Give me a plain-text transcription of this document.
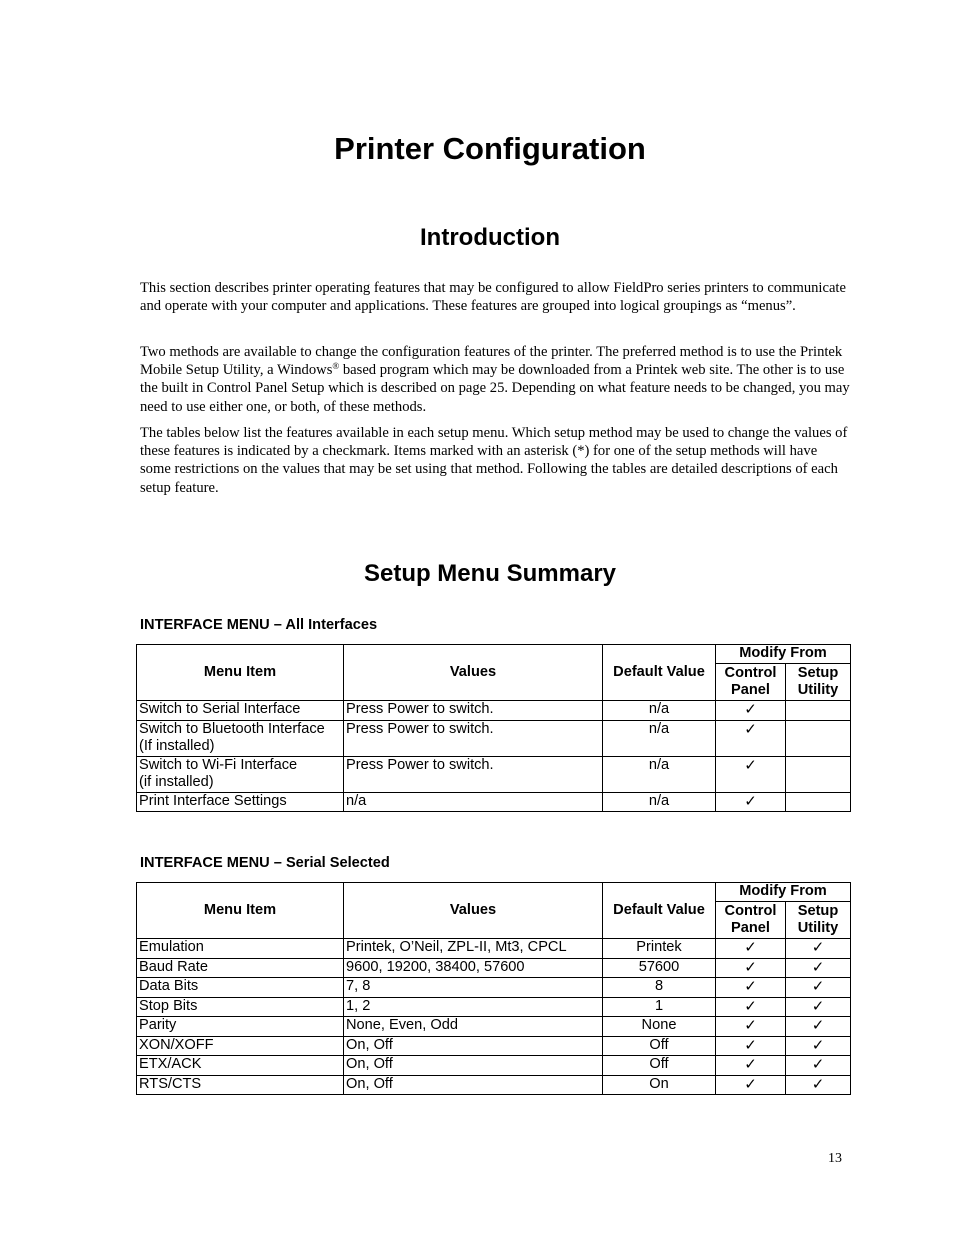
Printer Configuration
Introduction

This section describes printer operating features that may be configured to allow FieldPro series printers to communicate and operate with your computer and applications. These features are grouped into logical groupings as “menus”.

Two methods are available to change the configuration features of the printer. The preferred method is to use the Printek Mobile Setup Utility, a Windows® based program which may be downloaded from a Printek web site. The other is to use the built in Control Panel Setup which is described on page 25. Depending on what feature needs to be changed, you may need to use either one, or both, of these methods.

The tables below list the features available in each setup menu. Which setup method may be used to change the values of these features is indicated by a checkmark. Items marked with an asterisk (*) for one of the setup methods will have some restrictions on the values that may be set using that method. Following the tables are detailed descriptions of each setup feature.

Setup Menu Summary
INTERFACE MENU – All Interfaces
Menu Item	Values	Default Value	Modify From	
			Control Panel	Setup Utility
Switch to Serial Interface	Press Power to switch.	n/a	✓	
Switch to Bluetooth Interface
(If installed)	Press Power to switch.	n/a	✓	
Switch to Wi-Fi Interface
(if installed)	Press Power to switch.	n/a	✓	
Print Interface Settings	n/a	n/a	✓	
INTERFACE MENU – Serial Selected
Menu Item	Values	Default Value	Modify From	
			Control Panel	Setup Utility
Emulation	Printek, O’Neil, ZPL-II, Mt3, CPCL	Printek	✓	✓
Baud Rate	9600, 19200, 38400, 57600	57600	✓	✓
Data Bits	7, 8	8	✓	✓
Stop Bits	1, 2	1	✓	✓
Parity	None, Even, Odd	None	✓	✓
XON/XOFF	On, Off	Off	✓	✓
ETX/ACK	On, Off	Off	✓	✓
RTS/CTS	On, Off	On	✓	✓
13
